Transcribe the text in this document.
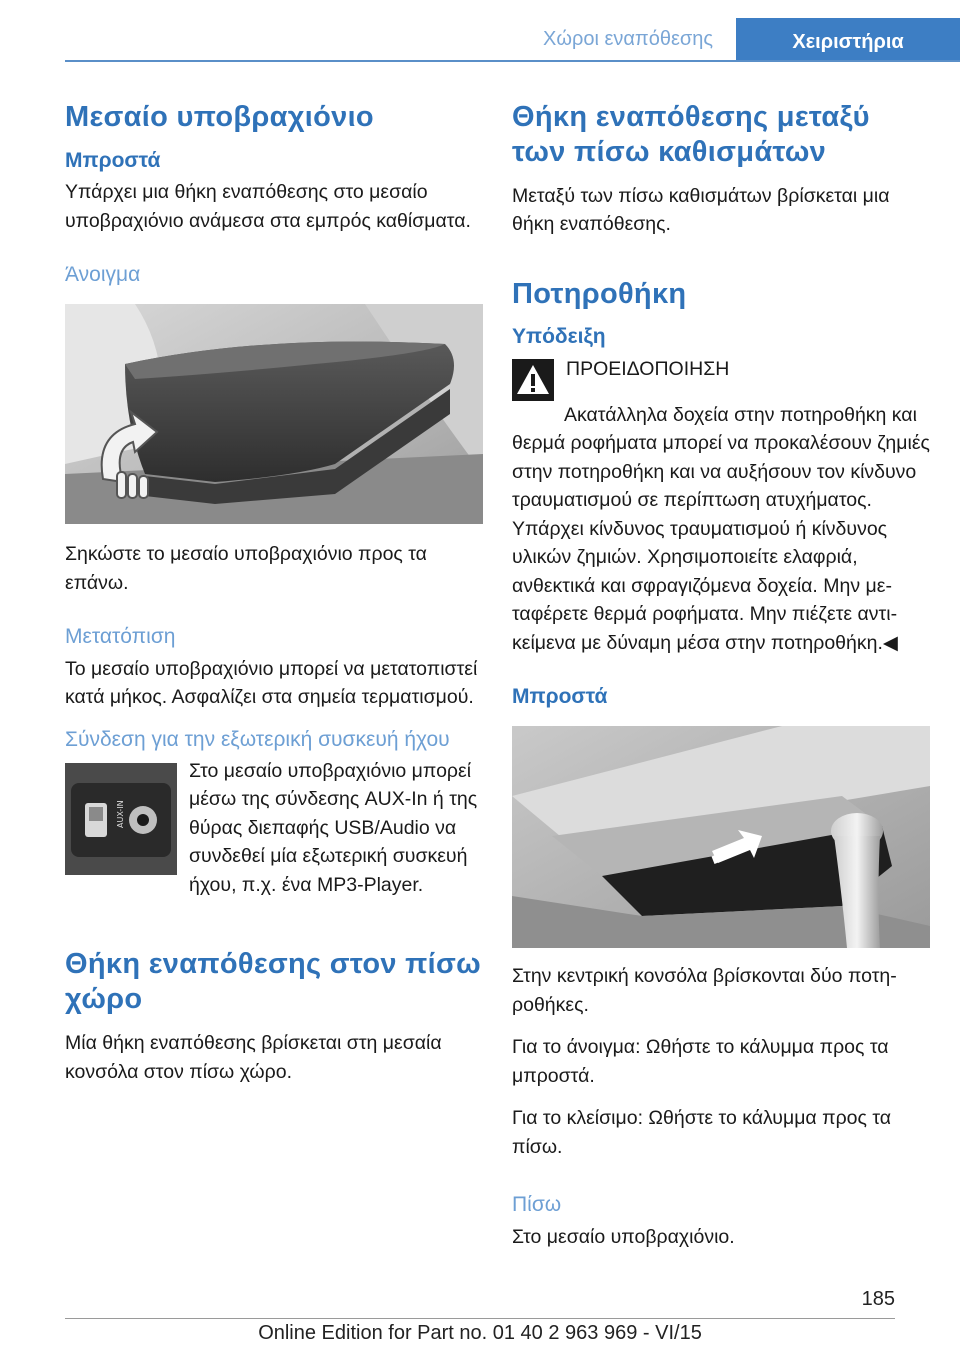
Χώροι εναπόθεσης	Χειριστήρια
Μεσαίο υποβραχιόνιο
Μπροστά

Υπάρχει μια θήκη εναπόθεσης στο μεσαίο υποβραχιόνιο ανάμεσα στα εμπρός καθίσματα.

Άνοιγμα

Σηκώστε το μεσαίο υποβραχιόνιο προς τα επάνω.

Μετατόπιση

Το μεσαίο υποβραχιόνιο μπορεί να μετατοπιστεί κατά μήκος. Ασφαλίζει στα σημεία τερματισμού.

Σύνδεση για την εξωτερική συσκευή ήχου
AUX-IN

Στο μεσαίο υποβραχιόνιο μπορεί μέσω της σύνδεσης AUX-In ή της θύρας διεπαφής USB/Audio να συνδεθεί μία εξωτερική συσκευή ήχου, π.χ. ένα MP3-Player.

Θήκη εναπόθεσης στον πίσω χώρο

Μία θήκη εναπόθεσης βρίσκεται στη μεσαία κονσόλα στον πίσω χώρο.

Θήκη εναπόθεσης μεταξύ των πίσω καθισμάτων

Μεταξύ των πίσω καθισμάτων βρίσκεται μια θήκη εναπόθεσης.

Ποτηροθήκη
Υπόδειξη

ΠΡΟΕΙΔΟΠΟΙΗΣΗ

Ακατάλληλα δοχεία στην ποτηροθήκη και θερμά ροφήματα μπορεί να προκαλέσουν ζημιές στην ποτηροθήκη και να αυξήσουν τον κίνδυνο τραυματισμού σε περίπτωση ατυχήματος. Υπάρχει κίνδυνος τραυματισμού ή κίνδυνος υλικών ζημιών. Χρησιμοποιείτε ελαφριά, ανθεκτικά και σφραγιζόμενα δοχεία. Μην μεταφέρετε θερμά ροφήματα. Μην πιέζετε αντικείμενα με δύναμη μέσα στην ποτηροθήκη.◀

Μπροστά

Στην κεντρική κονσόλα βρίσκονται δύο ποτηροθήκες.

Για το άνοιγμα: Ωθήστε το κάλυμμα προς τα μπροστά.

Για το κλείσιμο: Ωθήστε το κάλυμμα προς τα πίσω.

Πίσω

Στο μεσαίο υποβραχιόνιο.

185
Online Edition for Part no. 01 40 2 963 969 - VI/15
